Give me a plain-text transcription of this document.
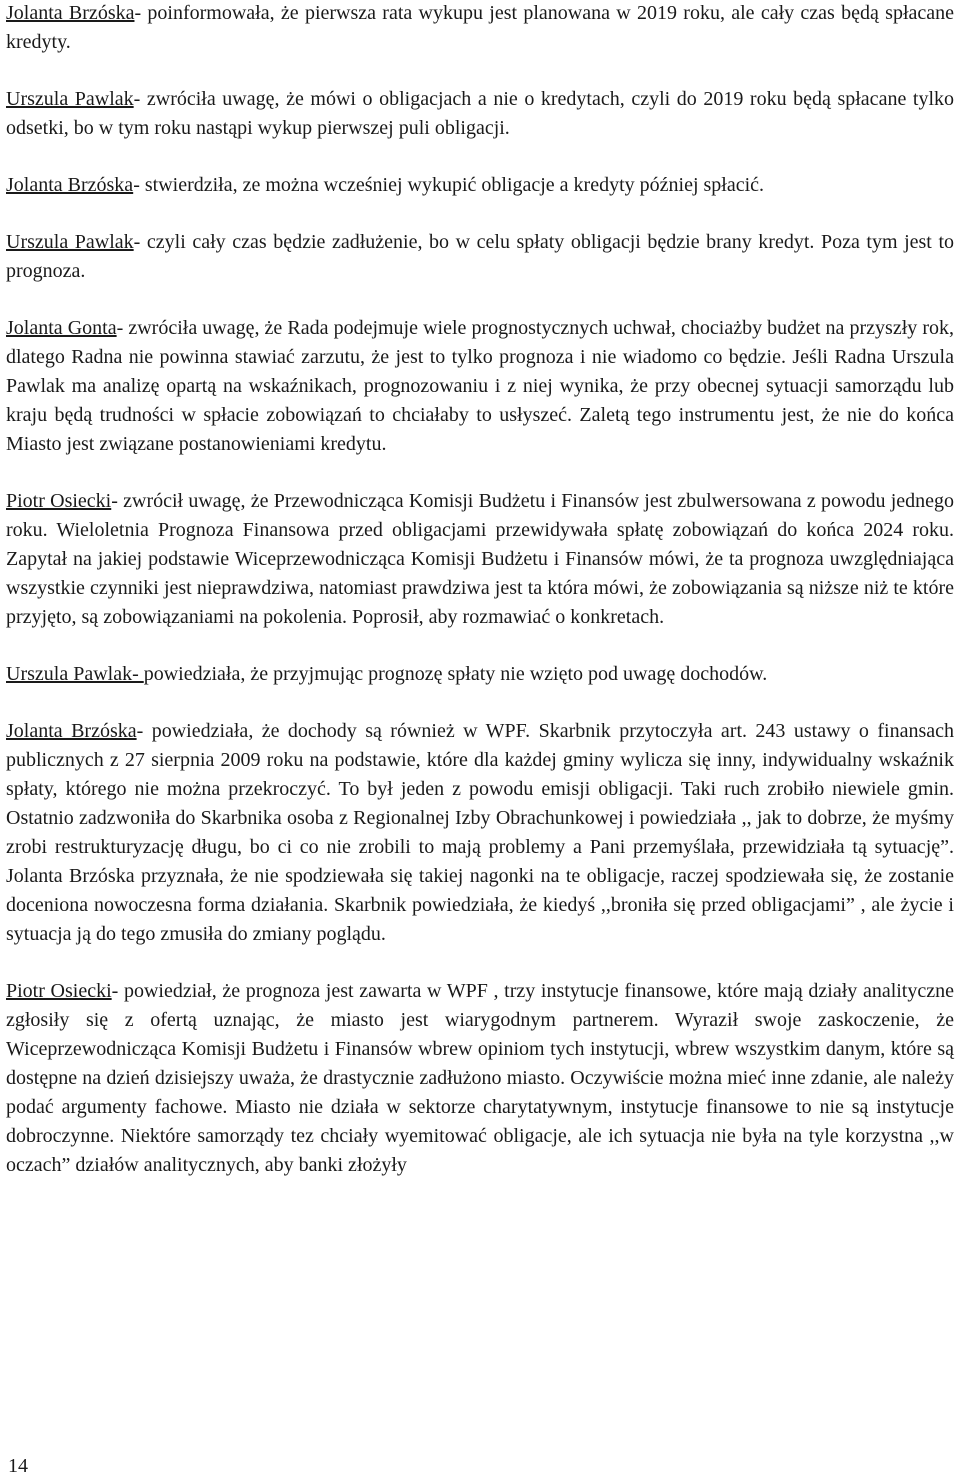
Jolanta Brzóska- poinformowała, że pierwsza rata wykupu jest planowana w 2019 roku, ale cały czas będą spłacane kredyty.

Urszula Pawlak- zwróciła uwagę, że mówi o obligacjach a nie o kredytach, czyli do 2019 roku będą spłacane tylko odsetki, bo w tym roku nastąpi wykup pierwszej puli obligacji.

Jolanta Brzóska- stwierdziła, ze można wcześniej wykupić obligacje a kredyty później spłacić.

Urszula Pawlak- czyli cały czas będzie zadłużenie, bo w celu spłaty obligacji będzie brany kredyt. Poza tym jest to prognoza.

Jolanta Gonta- zwróciła uwagę, że Rada podejmuje wiele prognostycznych uchwał, chociażby budżet na przyszły rok, dlatego Radna nie powinna stawiać zarzutu, że jest to tylko prognoza i nie wiadomo co będzie. Jeśli Radna Urszula Pawlak ma analizę opartą na wskaźnikach, prognozowaniu i z niej wynika, że przy obecnej sytuacji samorządu lub kraju będą trudności w spłacie zobowiązań to chciałaby to usłyszeć. Zaletą tego instrumentu jest, że nie do końca Miasto jest związane postanowieniami kredytu.

Piotr Osiecki- zwrócił uwagę, że Przewodnicząca Komisji Budżetu i Finansów jest zbulwersowana z powodu jednego roku. Wieloletnia Prognoza Finansowa przed obligacjami przewidywała spłatę zobowiązań do końca 2024 roku. Zapytał na jakiej podstawie Wiceprzewodnicząca Komisji Budżetu i Finansów mówi, że ta prognoza uwzględniająca wszystkie czynniki jest nieprawdziwa, natomiast prawdziwa jest ta która mówi, że zobowiązania są niższe niż te które przyjęto, są zobowiązaniami na pokolenia. Poprosił, aby rozmawiać o konkretach.

Urszula Pawlak- powiedziała, że przyjmując prognozę spłaty nie wzięto pod uwagę dochodów.

Jolanta Brzóska- powiedziała, że dochody są również w WPF. Skarbnik przytoczyła art. 243 ustawy o finansach publicznych z 27 sierpnia 2009 roku na podstawie, które dla każdej gminy wylicza się inny, indywidualny wskaźnik spłaty, którego nie można przekroczyć. To był jeden z powodu emisji obligacji. Taki ruch zrobiło niewiele gmin. Ostatnio zadzwoniła do Skarbnika osoba z Regionalnej Izby Obrachunkowej i powiedziała ,, jak to dobrze, że myśmy zrobi restrukturyzację długu, bo ci co nie zrobili to mają problemy a Pani przemyślała, przewidziała tą sytuację”. Jolanta Brzóska przyznała, że nie spodziewała się takiej nagonki na te obligacje, raczej spodziewała się, że zostanie doceniona nowoczesna forma działania. Skarbnik powiedziała, że kiedyś ,,broniła się przed obligacjami” , ale życie i sytuacja ją do tego zmusiła do zmiany poglądu.

Piotr Osiecki- powiedział, że prognoza jest zawarta w WPF , trzy instytucje finansowe, które mają działy analityczne zgłosiły się z ofertą uznając, że miasto jest wiarygodnym partnerem. Wyraził swoje zaskoczenie, że Wiceprzewodnicząca Komisji Budżetu i Finansów wbrew opiniom tych instytucji, wbrew wszystkim danym, które są dostępne na dzień dzisiejszy uważa, że drastycznie zadłużono miasto. Oczywiście można mieć inne zdanie, ale należy podać argumenty fachowe. Miasto nie działa w sektorze charytatywnym, instytucje finansowe to nie są instytucje dobroczynne. Niektóre samorządy tez chciały wyemitować obligacje, ale ich sytuacja nie była na tyle korzystna ,,w oczach” działów analitycznych, aby banki złożyły

14
